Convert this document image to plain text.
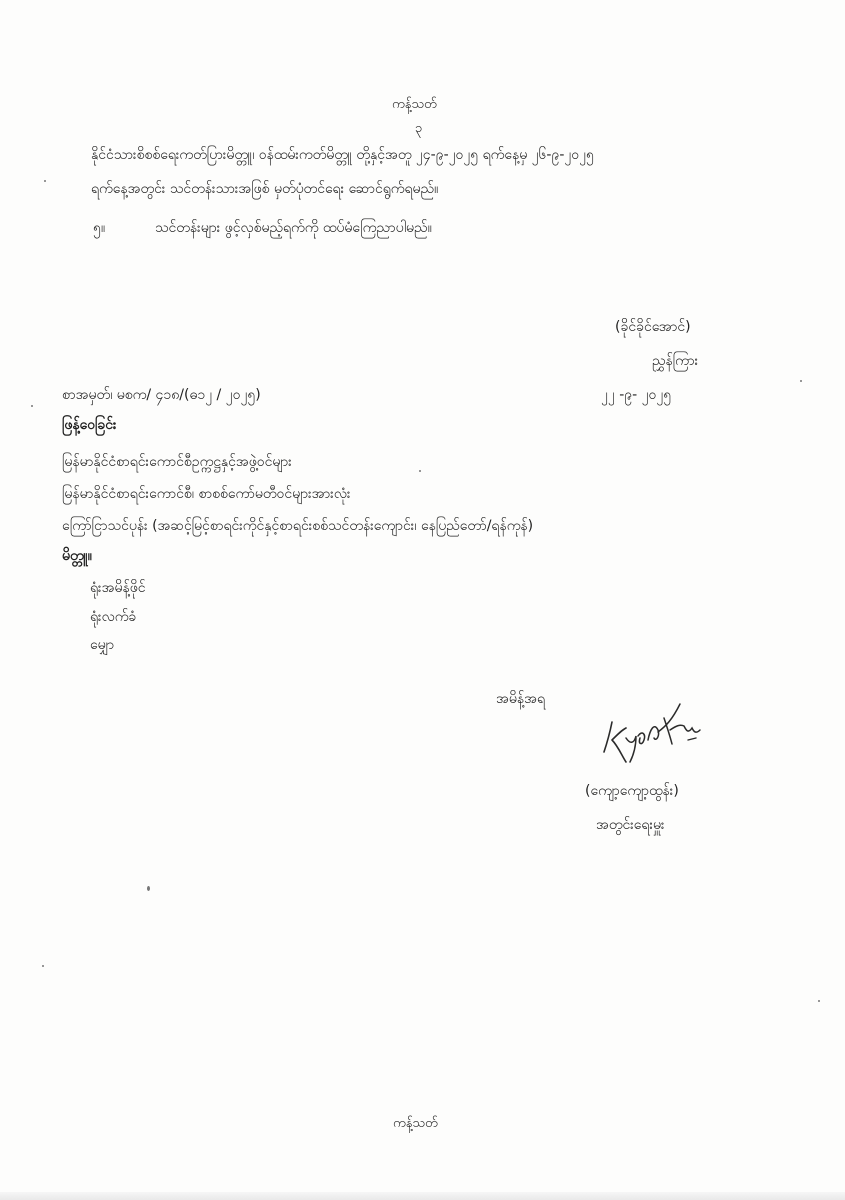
ကန့်သတ်
၃
နိုင်ငံသားစိစစ်ရေးကတ်ပြားမိတ္တူ၊ ဝန်ထမ်းကတ်မိတ္တူ တို့နှင့်အတူ ၂၄-၉-၂၀၂၅ ရက်နေ့မှ ၂၆-၉-၂၀၂၅
ရက်နေ့အတွင်း သင်တန်းသားအဖြစ် မှတ်ပုံတင်ရေး ဆောင်ရွက်ရမည်။
၅။	သင်တန်းများ ဖွင့်လှစ်မည့်ရက်ကို ထပ်မံကြေညာပါမည်။
(ခိုင်ခိုင်အောင်)
ညွှန်ကြား
စာအမှတ်၊ မစက/ ၄၁၈/(ဓ၁၂ / ၂၀၂၅)	၂၂ -၉- ၂၀၂၅
ဖြန့်ဝေခြင်း
မြန်မာနိုင်ငံစာရင်းကောင်စီဥက္ကဋ္ဌနှင့်အဖွဲ့ဝင်များ
မြန်မာနိုင်ငံစာရင်းကောင်စီ၊ စာစစ်ကော်မတီဝင်များအားလုံး
ကြော်ငြာသင်ပုန်း (အဆင့်မြင့်စာရင်းကိုင်နှင့်စာရင်းစစ်သင်တန်းကျောင်း၊ နေပြည်တော်/ရန်ကုန်)
မိတ္တူ။
ရုံးအမိန့်ဖိုင်
ရုံးလက်ခံ
မျှော
အမိန့်အရ
(ကျော့ကျော့ထွန်း)
အတွင်းရေးမှူး
ကန့်သတ်
